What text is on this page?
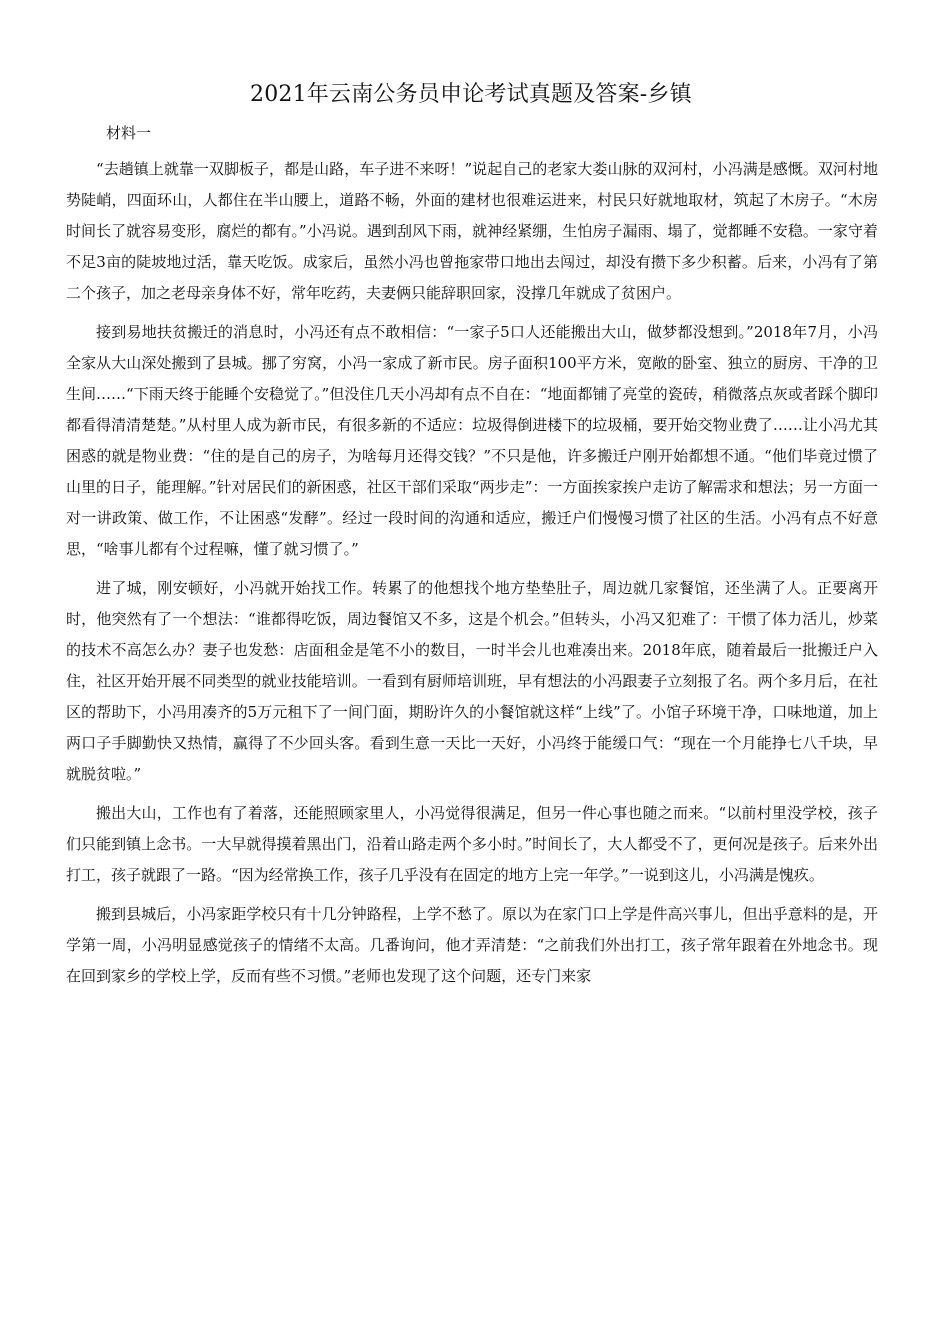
2021年云南公务员申论考试真题及答案-乡镇
材料一

“去趟镇上就靠一双脚板子，都是山路，车子进不来呀！”说起自己的老家大娄山脉的双河村，小冯满是感慨。双河村地势陡峭，四面环山，人都住在半山腰上，道路不畅，外面的建材也很难运进来，村民只好就地取材，筑起了木房子。“木房时间长了就容易变形，腐烂的都有。”小冯说。遇到刮风下雨，就神经紧绷，生怕房子漏雨、塌了，觉都睡不安稳。一家守着不足3亩的陡坡地过活，靠天吃饭。成家后，虽然小冯也曾拖家带口地出去闯过，却没有攒下多少积蓄。后来，小冯有了第二个孩子，加之老母亲身体不好，常年吃药，夫妻俩只能辞职回家，没撑几年就成了贫困户。

接到易地扶贫搬迁的消息时，小冯还有点不敢相信：“一家子5口人还能搬出大山，做梦都没想到。”2018年7月，小冯全家从大山深处搬到了县城。挪了穷窝，小冯一家成了新市民。房子面积100平方米，宽敞的卧室、独立的厨房、干净的卫生间……“下雨天终于能睡个安稳觉了。”但没住几天小冯却有点不自在：“地面都铺了亮堂的瓷砖，稍微落点灰或者踩个脚印都看得清清楚楚。”从村里人成为新市民，有很多新的不适应：垃圾得倒进楼下的垃圾桶，要开始交物业费了……让小冯尤其困惑的就是物业费：“住的是自己的房子，为啥每月还得交钱？”不只是他，许多搬迁户刚开始都想不通。“他们毕竟过惯了山里的日子，能理解。”针对居民们的新困惑，社区干部们采取“两步走”：一方面挨家挨户走访了解需求和想法；另一方面一对一讲政策、做工作，不让困惑“发酵”。经过一段时间的沟通和适应，搬迁户们慢慢习惯了社区的生活。小冯有点不好意思，“啥事儿都有个过程嘛，懂了就习惯了。”

进了城，刚安顿好，小冯就开始找工作。转累了的他想找个地方垫垫肚子，周边就几家餐馆，还坐满了人。正要离开时，他突然有了一个想法：“谁都得吃饭，周边餐馆又不多，这是个机会。”但转头，小冯又犯难了：干惯了体力活儿，炒菜的技术不高怎么办？妻子也发愁：店面租金是笔不小的数目，一时半会儿也难凑出来。2018年底，随着最后一批搬迁户入住，社区开始开展不同类型的就业技能培训。一看到有厨师培训班，早有想法的小冯跟妻子立刻报了名。两个多月后，在社区的帮助下，小冯用凑齐的5万元租下了一间门面，期盼许久的小餐馆就这样“上线”了。小馆子环境干净，口味地道，加上两口子手脚勤快又热情，赢得了不少回头客。看到生意一天比一天好，小冯终于能缓口气：“现在一个月能挣七八千块，早就脱贫啦。”

搬出大山，工作也有了着落，还能照顾家里人，小冯觉得很满足，但另一件心事也随之而来。“以前村里没学校，孩子们只能到镇上念书。一大早就得摸着黑出门，沿着山路走两个多小时。”时间长了，大人都受不了，更何况是孩子。后来外出打工，孩子就跟了一路。“因为经常换工作，孩子几乎没有在固定的地方上完一年学。”一说到这儿，小冯满是愧疚。

搬到县城后，小冯家距学校只有十几分钟路程，上学不愁了。原以为在家门口上学是件高兴事儿，但出乎意料的是，开学第一周，小冯明显感觉孩子的情绪不太高。几番询问，他才弄清楚：“之前我们外出打工，孩子常年跟着在外地念书。现在回到家乡的学校上学，反而有些不习惯。”老师也发现了这个问题，还专门来家
